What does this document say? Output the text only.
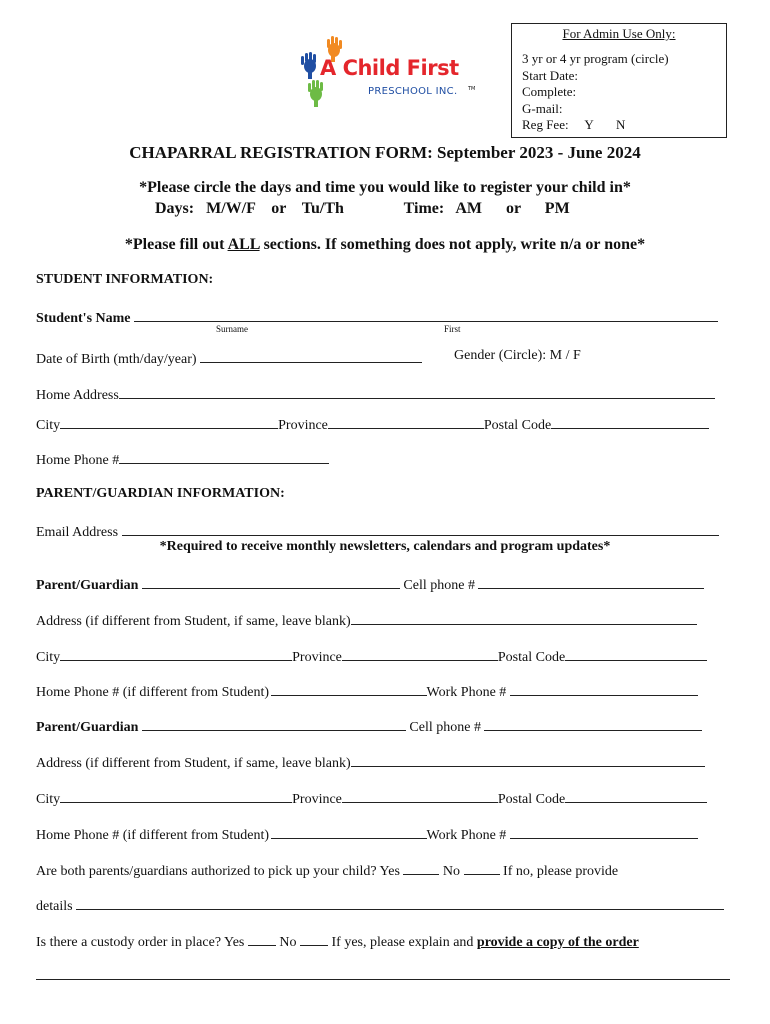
A Child First
PRESCHOOL INC. TM
For Admin Use Only:
3 yr or 4 yr program (circle)
Start Date:
Complete:
G-mail:
Reg Fee:     Y       N
CHAPARRAL REGISTRATION FORM: September 2023 - June 2024
*Please circle the days and time you would like to register your child in*
Days:   M/W/F    or    Tu/Th               Time:   AM      or      PM
*Please fill out ALL sections. If something does not apply, write n/a or none*
STUDENT INFORMATION:
Student's Name
Surname	First
Date of Birth (mth/day/year)	Gender (Circle): M / F
Home Address
City	Province	Postal Code
Home Phone #
PARENT/GUARDIAN INFORMATION:
Email Address
*Required to receive monthly newsletters, calendars and program updates*
Parent/Guardian	Cell phone #
Address (if different from Student, if same, leave blank)
City	Province	Postal Code
Home Phone # (if different from Student)	Work Phone #
Parent/Guardian	Cell phone #
Address (if different from Student, if same, leave blank)
City	Province	Postal Code
Home Phone # (if different from Student)	Work Phone #
Are both parents/guardians authorized to pick up your child? Yes	No	If no, please provide
details
Is there a custody order in place? Yes	No	If yes, please explain and provide a copy of the order
